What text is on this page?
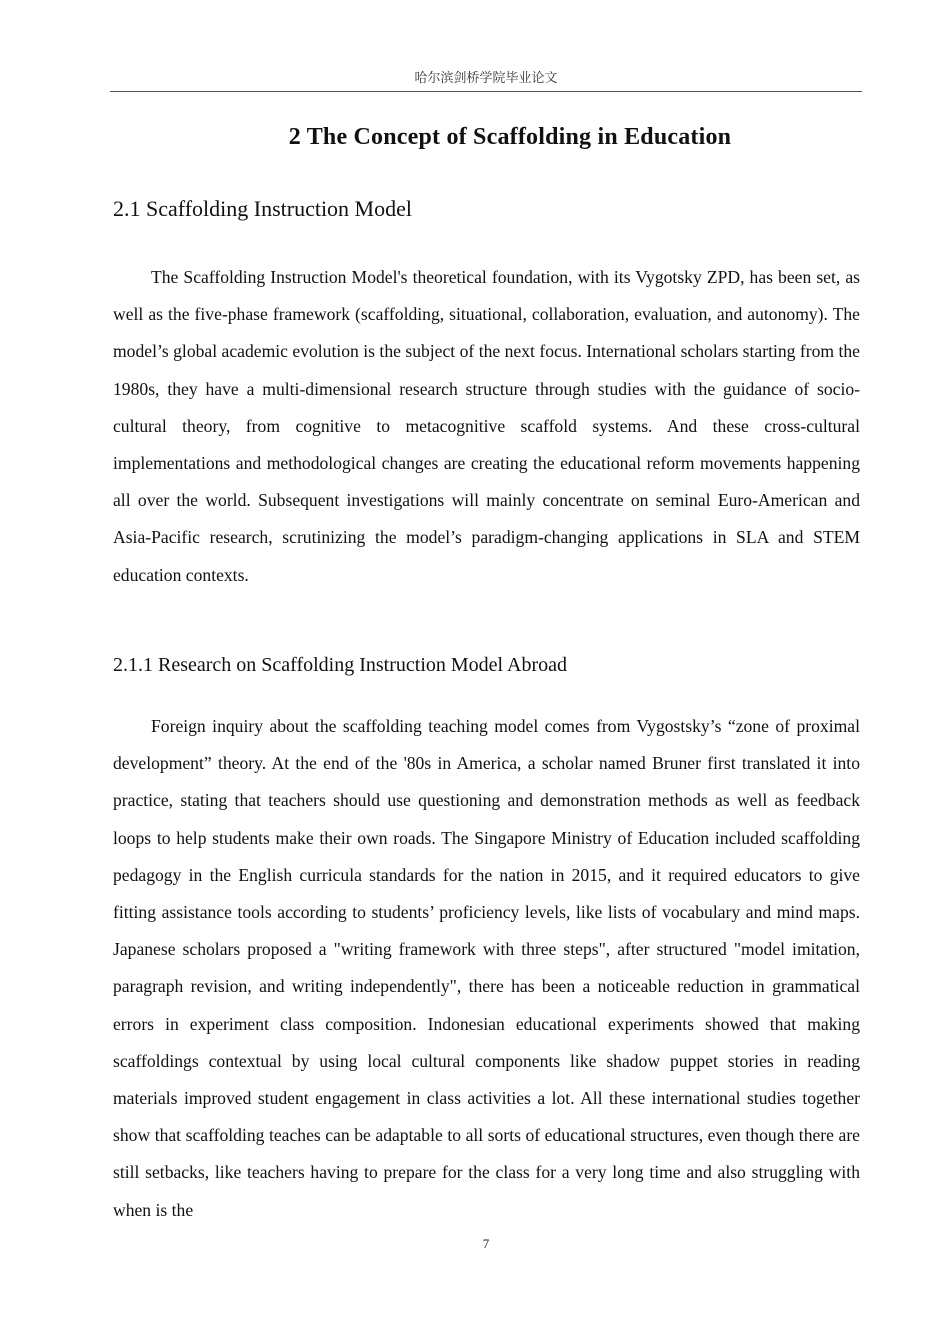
哈尔滨剑桥学院毕业论文
2 The Concept of Scaffolding in Education
2.1 Scaffolding Instruction Model

The Scaffolding Instruction Model's theoretical foundation, with its Vygotsky ZPD, has been set, as well as the five-phase framework (scaffolding, situational, collaboration, evaluation, and autonomy). The model’s global academic evolution is the subject of the next focus. International scholars starting from the 1980s, they have a multi-dimensional research structure through studies with the guidance of socio-cultural theory, from cognitive to metacognitive scaffold systems. And these cross-cultural implementations and methodological changes are creating the educational reform movements happening all over the world. Subsequent investigations will mainly concentrate on seminal Euro-American and Asia-Pacific research, scrutinizing the model’s paradigm-changing applications in SLA and STEM education contexts.

2.1.1 Research on Scaffolding Instruction Model Abroad

Foreign inquiry about the scaffolding teaching model comes from Vygostsky’s “zone of proximal development” theory. At the end of the '80s in America, a scholar named Bruner first translated it into practice, stating that teachers should use questioning and demonstration methods as well as feedback loops to help students make their own roads. The Singapore Ministry of Education included scaffolding pedagogy in the English curricula standards for the nation in 2015, and it required educators to give fitting assistance tools according to students’ proficiency levels, like lists of vocabulary and mind maps. Japanese scholars proposed a "writing framework with three steps", after structured "model imitation, paragraph revision, and writing independently", there has been a noticeable reduction in grammatical errors in experiment class composition. Indonesian educational experiments showed that making scaffoldings contextual by using local cultural components like shadow puppet stories in reading materials improved student engagement in class activities a lot. All these international studies together show that scaffolding teaches can be adaptable to all sorts of educational structures, even though there are still setbacks, like teachers having to prepare for the class for a very long time and also struggling with when is the

7
